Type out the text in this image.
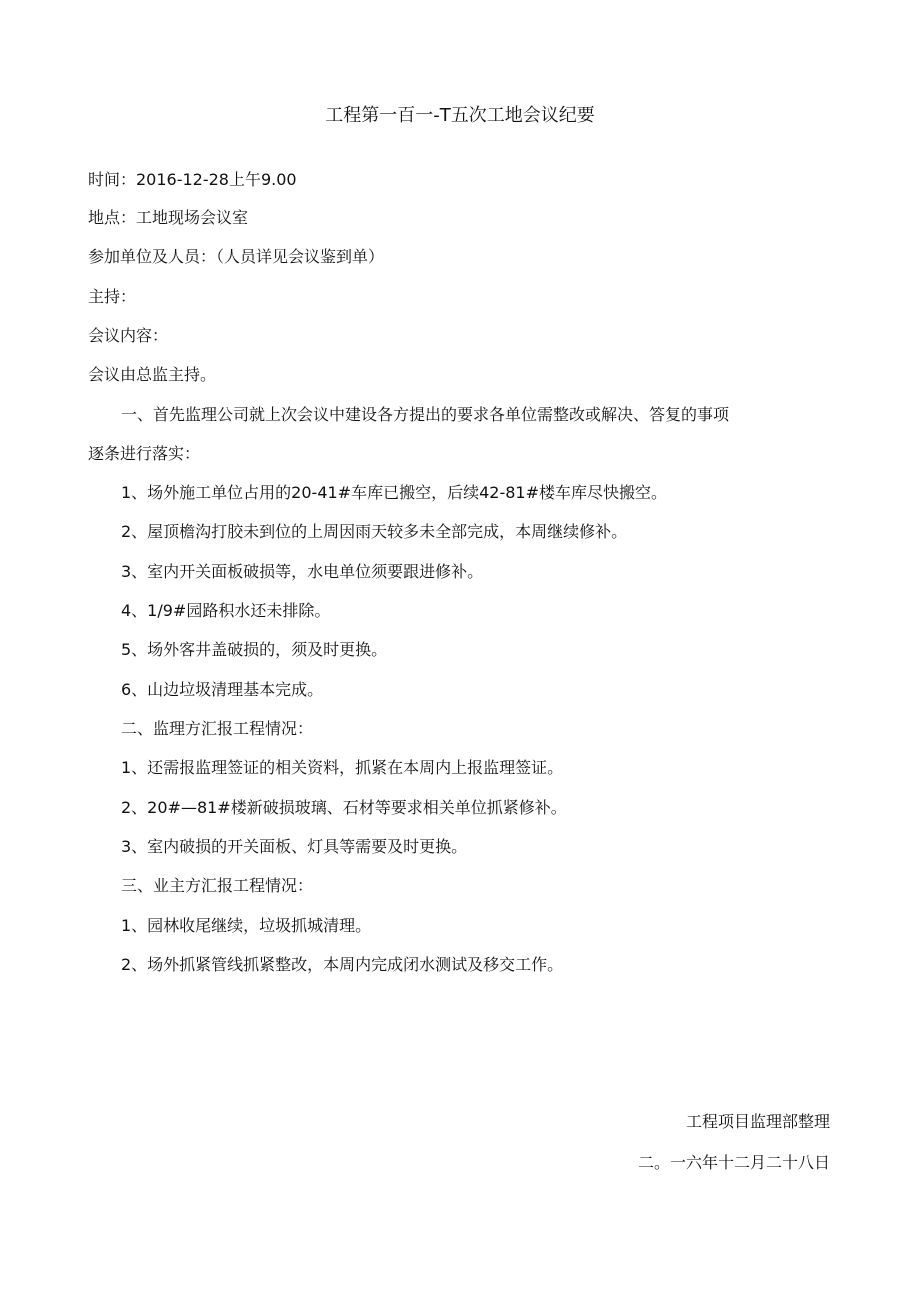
工程第一百一-T五次工地会议纪要
时间：2016-12-28上午9.00
地点：工地现场会议室
参加单位及人员：（人员详见会议鉴到单）
主持：
会议内容：
会议由总监主持。
一、首先监理公司就上次会议中建设各方提出的要求各单位需整改或解决、答复的事项
逐条进行落实：
1、场外施工单位占用的20-41#车库已搬空，后续42-81#楼车库尽快搬空。
2、屋顶檐沟打胶未到位的上周因雨天较多未全部完成，本周继续修补。
3、室内开关面板破损等，水电单位须要跟进修补。
4、1/9#园路积水还未排除。
5、场外客井盖破损的，须及时更换。
6、山边垃圾清理基本完成。
二、监理方汇报工程情况：
1、还需报监理签证的相关资料，抓紧在本周内上报监理签证。
2、20#—81#楼新破损玻璃、石材等要求相关单位抓紧修补。
3、室内破损的开关面板、灯具等需要及时更换。
三、业主方汇报工程情况：
1、园林收尾继续，垃圾抓城清理。
2、场外抓紧管线抓紧整改，本周内完成闭水测试及移交工作。
工程项目监理部整理
二。一六年十二月二十八日
